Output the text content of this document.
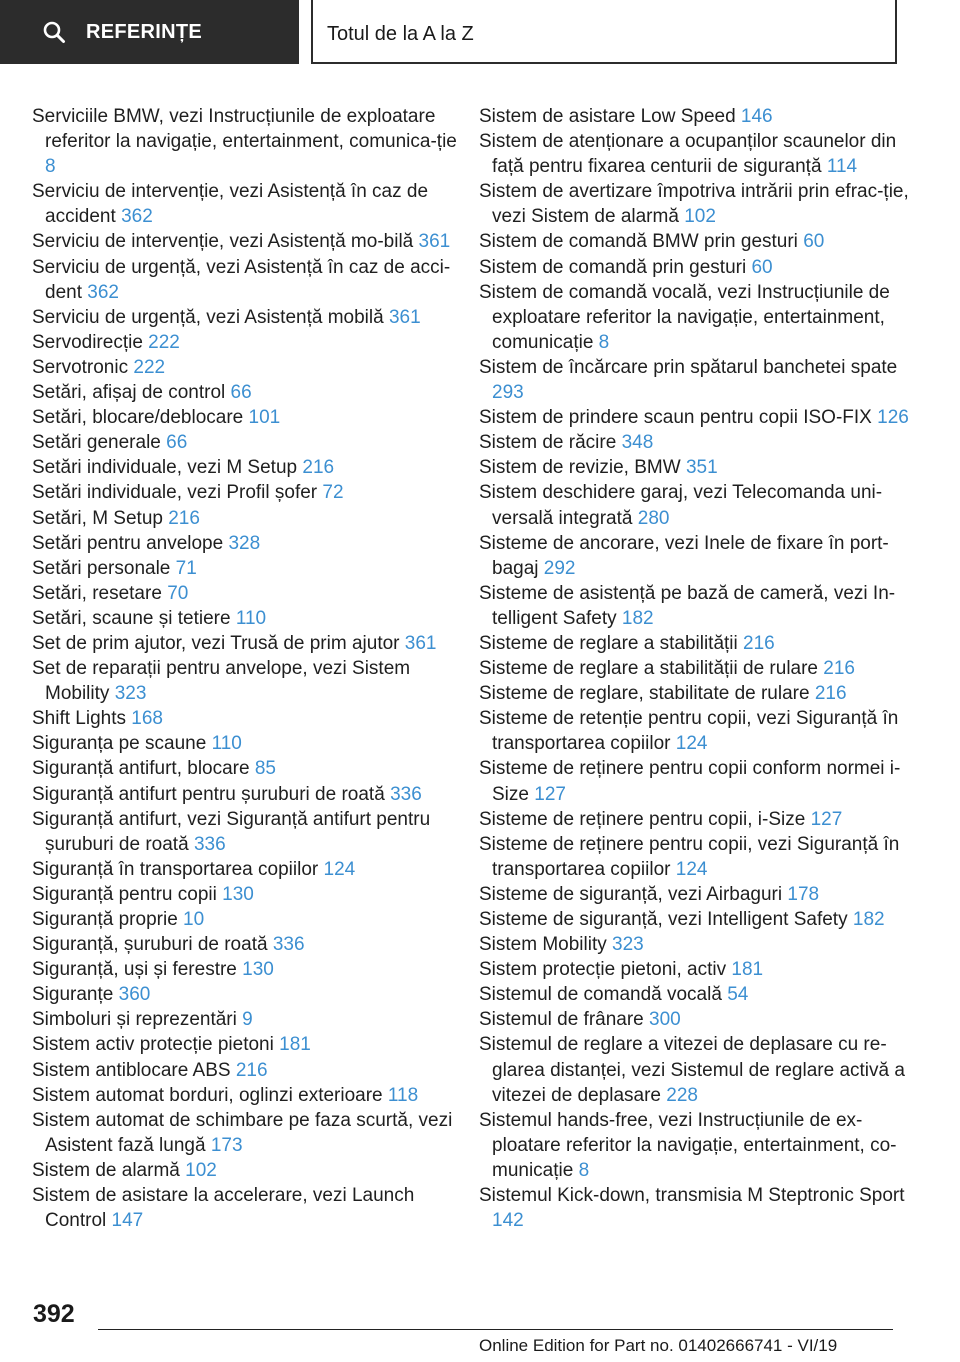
REFERINȚE	Totul de la A la Z
Serviciile BMW, vezi Instrucțiunile de exploatare referitor la navigație, entertainment, comunica‐ție 8
Serviciu de intervenție, vezi Asistență în caz de accident 362
Serviciu de intervenție, vezi Asistență mo‐bilă 361
Serviciu de urgență, vezi Asistență în caz de acci‐dent 362
Serviciu de urgență, vezi Asistență mobilă 361
Servodirecție 222
Servotronic 222
Setări, afișaj de control 66
Setări, blocare/deblocare 101
Setări generale 66
Setări individuale, vezi M Setup 216
Setări individuale, vezi Profil șofer 72
Setări, M Setup 216
Setări pentru anvelope 328
Setări personale 71
Setări, resetare 70
Setări, scaune și tetiere 110
Set de prim ajutor, vezi Trusă de prim ajutor 361
Set de reparații pentru anvelope, vezi Sistem Mobility 323
Shift Lights 168
Siguranța pe scaune 110
Siguranță antifurt, blocare 85
Siguranță antifurt pentru șuruburi de roată 336
Siguranță antifurt, vezi Siguranță antifurt pentru șuruburi de roată 336
Siguranță în transportarea copiilor 124
Siguranță pentru copii 130
Siguranță proprie 10
Siguranță, șuruburi de roată 336
Siguranță, uși și ferestre 130
Siguranțe 360
Simboluri și reprezentări 9
Sistem activ protecție pietoni 181
Sistem antiblocare ABS 216
Sistem automat borduri, oglinzi exterioare 118
Sistem automat de schimbare pe faza scurtă, vezi Asistent fază lungă 173
Sistem de alarmă 102
Sistem de asistare la accelerare, vezi Launch Control 147
Sistem de asistare Low Speed 146
Sistem de atenționare a ocupanților scaunelor din față pentru fixarea centurii de siguranță 114
Sistem de avertizare împotriva intrării prin efrac‐ție, vezi Sistem de alarmă 102
Sistem de comandă BMW prin gesturi 60
Sistem de comandă prin gesturi 60
Sistem de comandă vocală, vezi Instrucțiunile de exploatare referitor la navigație, entertainment, comunicație 8
Sistem de încărcare prin spătarul banchetei spate 293
Sistem de prindere scaun pentru copii ISO‐FIX 126
Sistem de răcire 348
Sistem de revizie, BMW 351
Sistem deschidere garaj, vezi Telecomanda uni‐versală integrată 280
Sisteme de ancorare, vezi Inele de fixare în port‐bagaj 292
Sisteme de asistență pe bază de cameră, vezi In‐telligent Safety 182
Sisteme de reglare a stabilității 216
Sisteme de reglare a stabilității de rulare 216
Sisteme de reglare, stabilitate de rulare 216
Sisteme de retenție pentru copii, vezi Siguranță în transportarea copiilor 124
Sisteme de reținere pentru copii conform normei i-Size 127
Sisteme de reținere pentru copii, i-Size 127
Sisteme de reținere pentru copii, vezi Siguranță în transportarea copiilor 124
Sisteme de siguranță, vezi Airbaguri 178
Sisteme de siguranță, vezi Intelligent Safety 182
Sistem Mobility 323
Sistem protecție pietoni, activ 181
Sistemul de comandă vocală 54
Sistemul de frânare 300
Sistemul de reglare a vitezei de deplasare cu re‐glarea distanței, vezi Sistemul de reglare activă a vitezei de deplasare 228
Sistemul hands-free, vezi Instrucțiunile de ex‐ploatare referitor la navigație, entertainment, co‐municație 8
Sistemul Kick-down, transmisia M Steptronic Sport 142
392
Online Edition for Part no. 01402666741 - VI/19
